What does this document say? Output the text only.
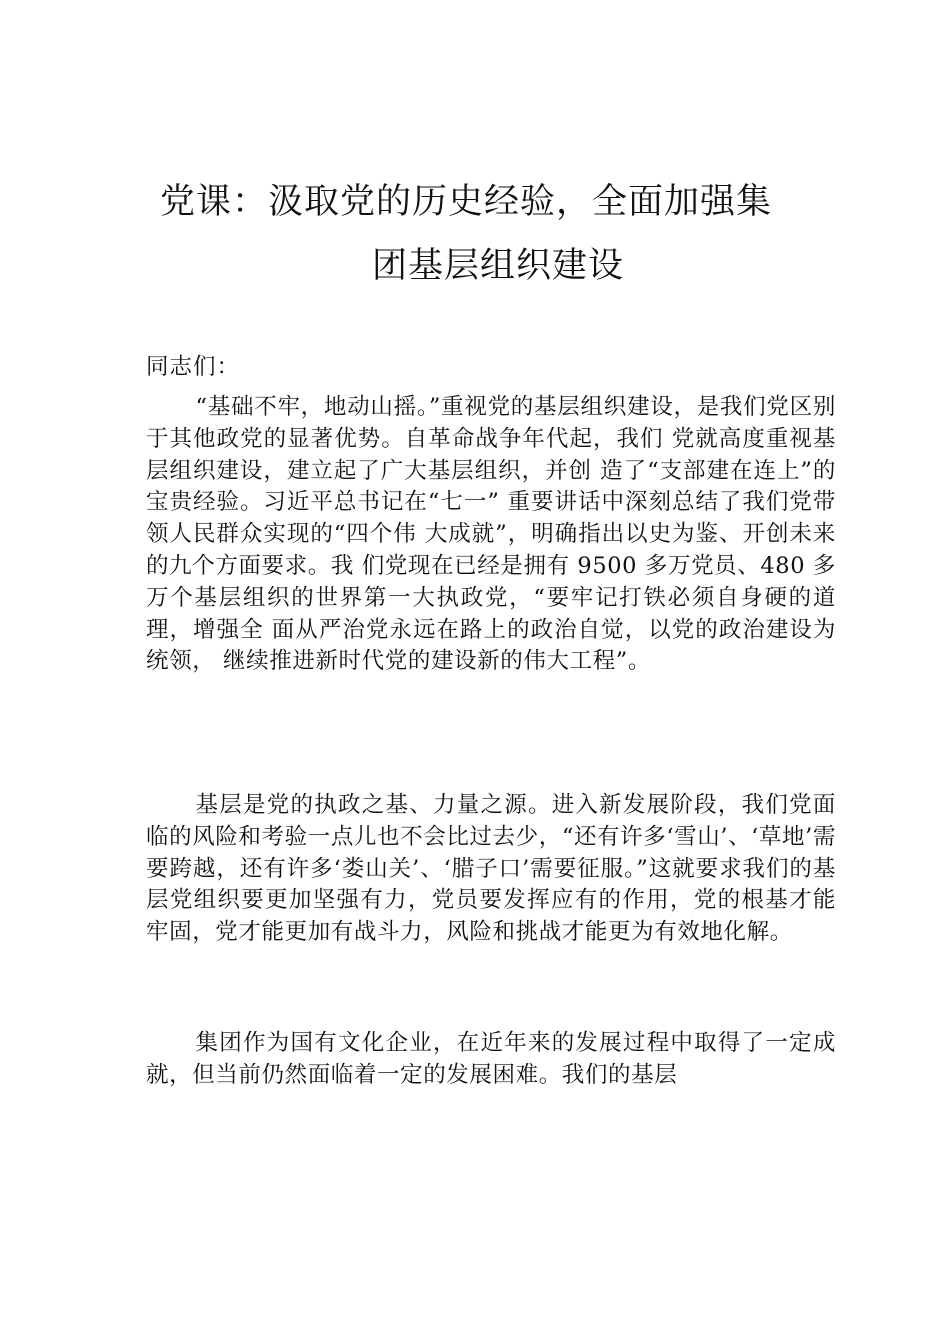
党课：汲取党的历史经验，全面加强集
团基层组织建设
同志们：

“基础不牢，地动山摇。”重视党的基层组织建设，是我们党区别于其他政党的显著优势。自革命战争年代起，我们 党就高度重视基层组织建设，建立起了广大基层组织，并创 造了“支部建在连上”的宝贵经验。习近平总书记在“七一” 重要讲话中深刻总结了我们党带领人民群众实现的“四个伟 大成就”，明确指出以史为鉴、开创未来的九个方面要求。我 们党现在已经是拥有 9500 多万党员、480 多万个基层组织的世界第一大执政党，“要牢记打铁必须自身硬的道理，增强全 面从严治党永远在路上的政治自觉，以党的政治建设为统领， 继续推进新时代党的建设新的伟大工程”。

基层是党的执政之基、力量之源。进入新发展阶段，我们党面临的风险和考验一点儿也不会比过去少，“还有许多‘雪山’、‘草地’需要跨越，还有许多‘娄山关’、‘腊子口’需要征服。”这就要求我们的基层党组织要更加坚强有力，党员要发挥应有的作用，党的根基才能牢固，党才能更加有战斗力，风险和挑战才能更为有效地化解。

集团作为国有文化企业，在近年来的发展过程中取得了一定成就，但当前仍然面临着一定的发展困难。我们的基层
